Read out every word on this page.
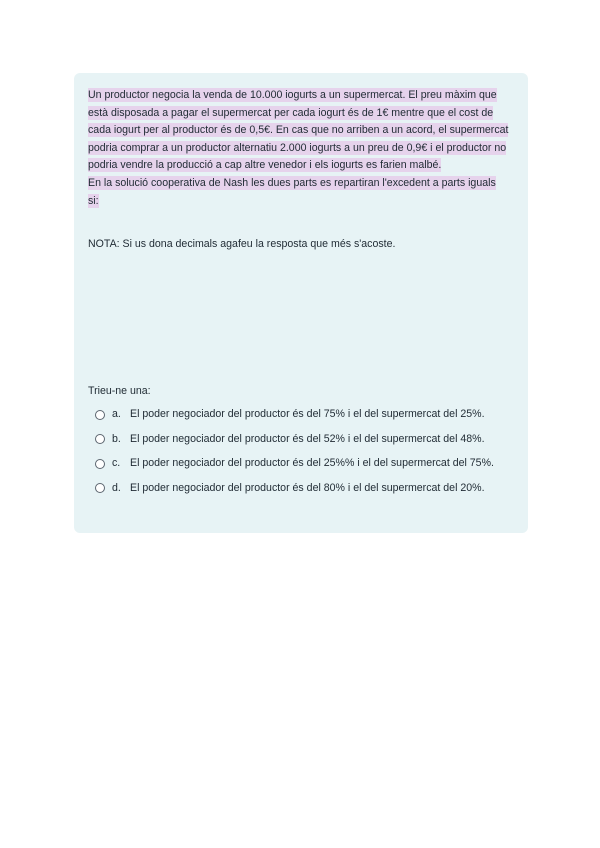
Un productor negocia la venda de 10.000 iogurts a un supermercat. El preu màxim que està disposada a pagar el supermercat per cada iogurt és de 1€ mentre que el cost de cada iogurt per al productor és de 0,5€. En cas que no arriben a un acord, el supermercat podria comprar a un productor alternatiu 2.000 iogurts a un preu de 0,9€ i el productor no podria vendre la producció a cap altre venedor i els iogurts es farien malbé.

En la solució cooperativa de Nash les dues parts es repartiran l'excedent a parts iguals si:

NOTA: Si us dona decimals agafeu la resposta que més s'acoste.

Trieu-ne una:

a. El poder negociador del productor és del 75% i el del supermercat del 25%.
b. El poder negociador del productor és del 52% i el del supermercat del 48%.
c. El poder negociador del productor és del 25%% i el del supermercat del 75%.
d. El poder negociador del productor és del 80% i el del supermercat del 20%.
